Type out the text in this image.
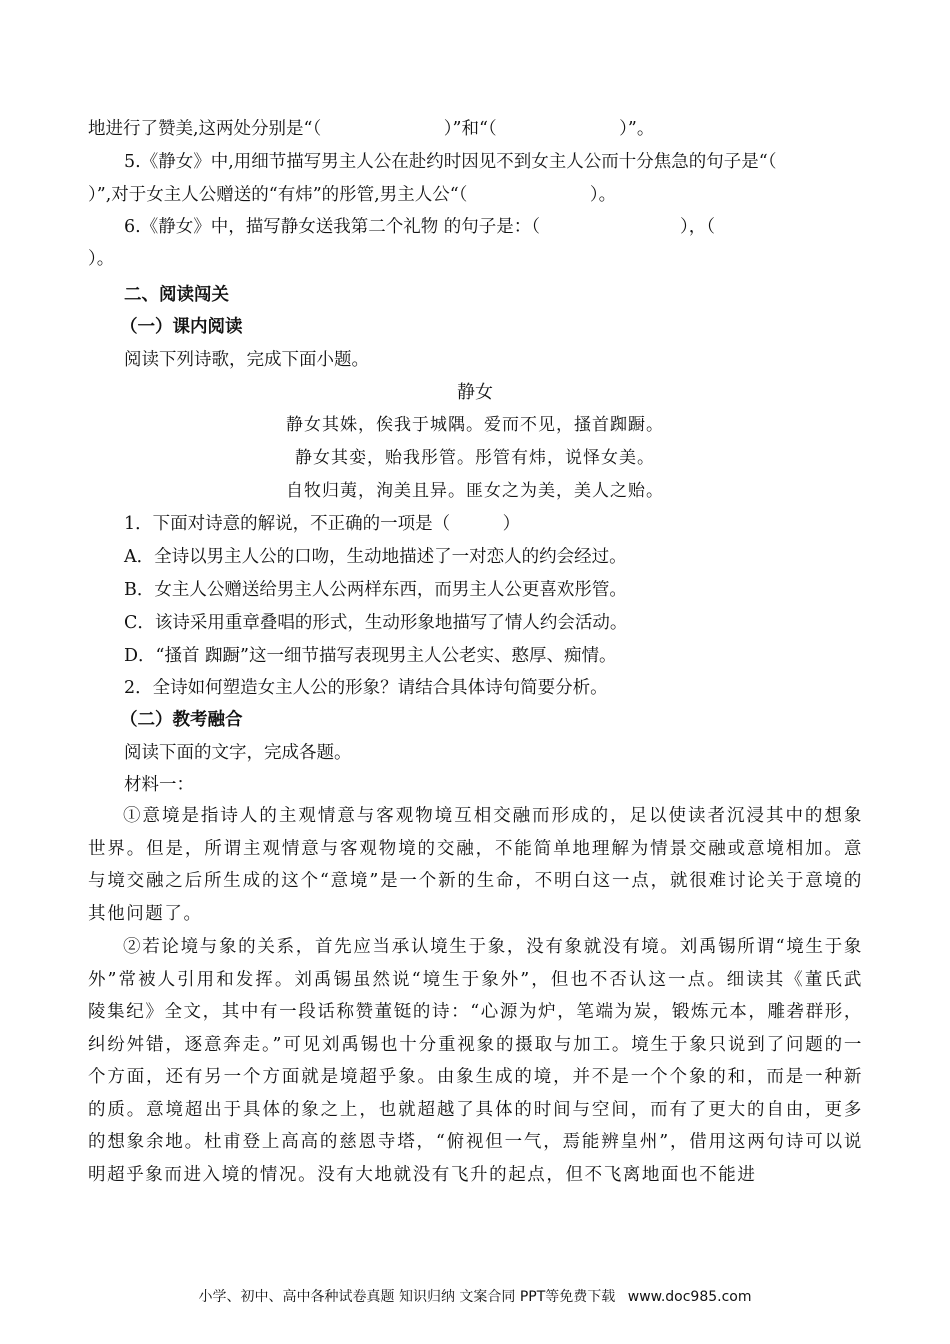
地进行了赞美,这两处分别是“（　　　　　　　）”和“（　　　　　　　）”。
5.《静女》中,用细节描写男主人公在赴约时因见不到女主人公而十分焦急的句子是“（
）”,对于女主人公赠送的“有炜”的彤管,男主人公“（　　　　　　　）。
6.《静女》中，描写静女送我第二个礼物 的句子是：（　　　　　　　　），（
）。
二、阅读闯关
（一）课内阅读
阅读下列诗歌，完成下面小题。
静女
静女其姝，俟我于城隅。爱而不见，搔首踟蹰。
静女其娈，贻我彤管。彤管有炜，说怿女美。
自牧归荑，洵美且异。匪女之为美，美人之贻。
1．下面对诗意的解说，不正确的一项是（　　　）
A．全诗以男主人公的口吻，生动地描述了一对恋人的约会经过。
B．女主人公赠送给男主人公两样东西，而男主人公更喜欢彤管。
C．该诗采用重章叠唱的形式，生动形象地描写了情人约会活动。
D．“搔首 踟蹰”这一细节描写表现男主人公老实、憨厚、痴情。
2．全诗如何塑造女主人公的形象？请结合具体诗句简要分析。
（二）教考融合
阅读下面的文字，完成各题。
材料一：
①意境是指诗人的主观情意与客观物境互相交融而形成的，足以使读者沉浸其中的想象世界。但是，所谓主观情意与客观物境的交融，不能简单地理解为情景交融或意境相加。意与境交融之后所生成的这个“意境”是一个新的生命，不明白这一点，就很难讨论关于意境的其他问题了。
②若论境与象的关系，首先应当承认境生于象，没有象就没有境。刘禹锡所谓“境生于象外”常被人引用和发挥。刘禹锡虽然说“境生于象外”，但也不否认这一点。细读其《董氏武陵集纪》全文，其中有一段话称赞董铤的诗：“心源为炉，笔端为炭，锻炼元本，雕砻群形，纠纷舛错，逐意奔走。”可见刘禹锡也十分重视象的摄取与加工。境生于象只说到了问题的一个方面，还有另一个方面就是境超乎象。由象生成的境，并不是一个个象的和，而是一种新的质。意境超出于具体的象之上，也就超越了具体的时间与空间，而有了更大的自由，更多的想象余地。杜甫登上高高的慈恩寺塔，“俯视但一气，焉能辨皇州”，借用这两句诗可以说明超乎象而进入境的情况。没有大地就没有飞升的起点，但不飞离地面也不能进
小学、初中、高中各种试卷真题 知识归纳 文案合同 PPT等免费下载 www.doc985.com
